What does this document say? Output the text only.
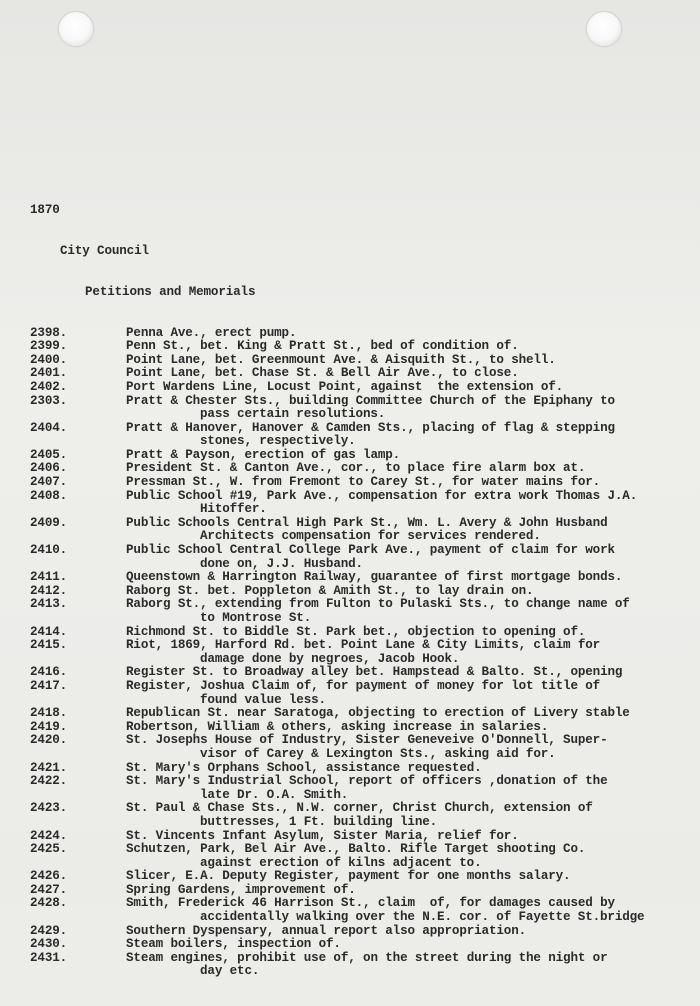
1870

City Council

Petitions and Memorials

2398.	Penna Ave., erect pump.
2399.	Penn St., bet. King & Pratt St., bed of condition of.
2400.	Point Lane, bet. Greenmount Ave. & Aisquith St., to shell.
2401.	Point Lane, bet. Chase St. & Bell Air Ave., to close.
2402.	Port Wardens Line, Locust Point, against  the extension of.
2303.	Pratt & Chester Sts., building Committee Church of the Epiphany to
pass certain resolutions.
2404.	Pratt & Hanover, Hanover & Camden Sts., placing of flag & stepping
stones, respectively.
2405.	Pratt & Payson, erection of gas lamp.
2406.	President St. & Canton Ave., cor., to place fire alarm box at.
2407.	Pressman St., W. from Fremont to Carey St., for water mains for.
2408.	Public School #19, Park Ave., compensation for extra work Thomas J.A.
Hitoffer.
2409.	Public Schools Central High Park St., Wm. L. Avery & John Husband
Architects compensation for services rendered.
2410.	Public School Central College Park Ave., payment of claim for work
done on, J.J. Husband.
2411.	Queenstown & Harrington Railway, guarantee of first mortgage bonds.
2412.	Raborg St. bet. Poppleton & Amith St., to lay drain on.
2413.	Raborg St., extending from Fulton to Pulaski Sts., to change name of
to Montrose St.
2414.	Richmond St. to Biddle St. Park bet., objection to opening of.
2415.	Riot, 1869, Harford Rd. bet. Point Lane & City Limits, claim for
damage done by negroes, Jacob Hook.
2416.	Register St. to Broadway alley bet. Hampstead & Balto. St., opening
2417.	Register, Joshua Claim of, for payment of money for lot title of
found value less.
2418.	Republican St. near Saratoga, objecting to erection of Livery stable
2419.	Robertson, William & others, asking increase in salaries.
2420.	St. Josephs House of Industry, Sister Geneveive O'Donnell, Super-
visor of Carey & Lexington Sts., asking aid for.
2421.	St. Mary's Orphans School, assistance requested.
2422.	St. Mary's Industrial School, report of officers ,donation of the
late Dr. O.A. Smith.
2423.	St. Paul & Chase Sts., N.W. corner, Christ Church, extension of
buttresses, 1 Ft. building line.
2424.	St. Vincents Infant Asylum, Sister Maria, relief for.
2425.	Schutzen, Park, Bel Air Ave., Balto. Rifle Target shooting Co.
against erection of kilns adjacent to.
2426.	Slicer, E.A. Deputy Register, payment for one months salary.
2427.	Spring Gardens, improvement of.
2428.	Smith, Frederick 46 Harrison St., claim  of, for damages caused by
accidentally walking over the N.E. cor. of Fayette St.bridge
2429.	Southern Dyspensary, annual report also appropriation.
2430.	Steam boilers, inspection of.
2431.	Steam engines, prohibit use of, on the street during the night or
day etc.
